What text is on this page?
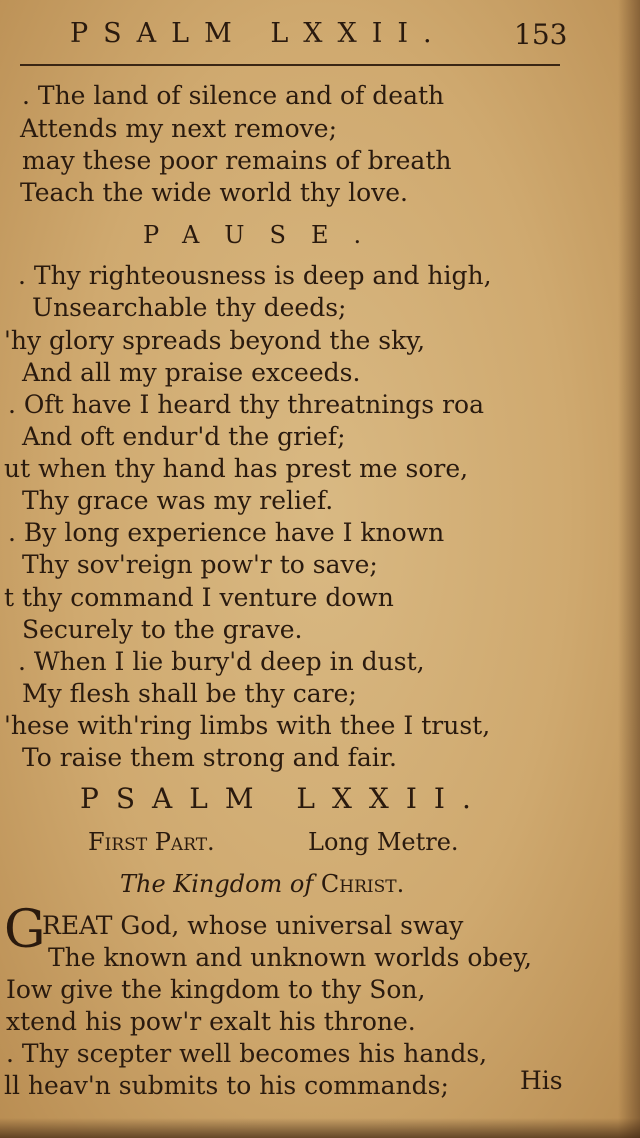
PSALM LXXII. 153
. The land of silence and of death
Attends my next remove;
may these poor remains of breath
Teach the wide world thy love.
PAUSE.
. Thy righteousness is deep and high,
Unsearchable thy deeds;
'hy glory spreads beyond the sky,
And all my praise exceeds.
. Oft have I heard thy threatnings roa
And oft endur'd the grief;
ut when thy hand has prest me sore,
Thy grace was my relief.
. By long experience have I known
Thy sov'reign pow'r to save;
t thy command I venture down
Securely to the grave.
. When I lie bury'd deep in dust,
My flesh shall be thy care;
'hese with'ring limbs with thee I trust,
To raise them strong and fair.
PSALM LXXII.
First Part.	Long Metre.
The Kingdom of Christ.
G
REAT God, whose universal sway
The known and unknown worlds obey,
Iow give the kingdom to thy Son,
xtend his pow'r exalt his throne.
. Thy scepter well becomes his hands,
ll heav'n submits to his commands;	His
